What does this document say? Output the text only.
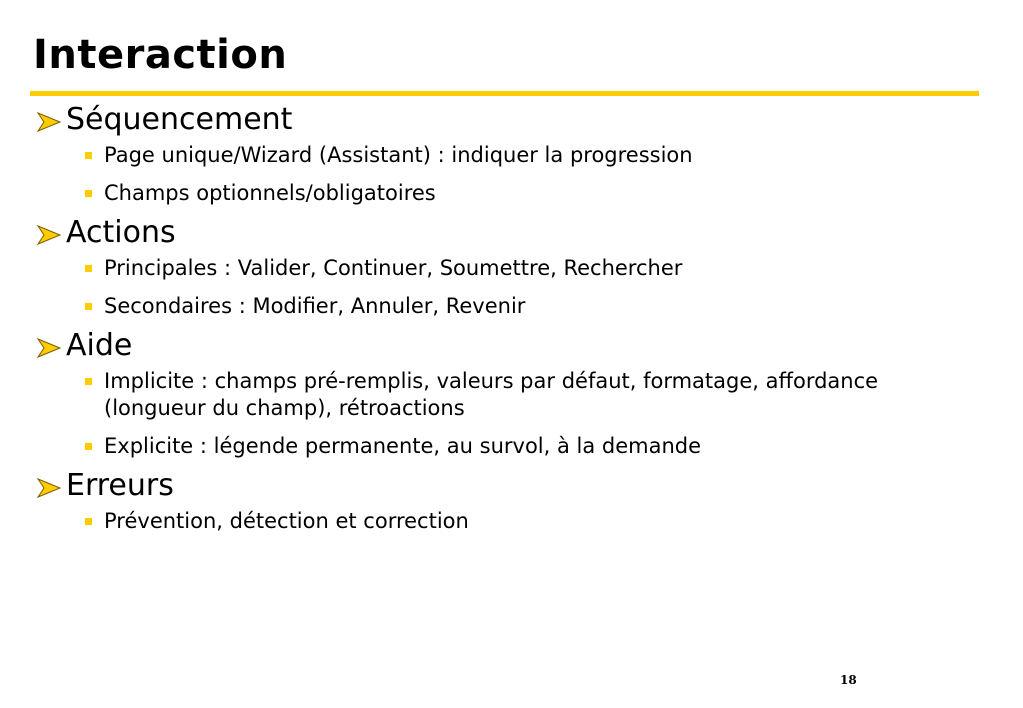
Interaction
Séquencement
Page unique/Wizard (Assistant) : indiquer la progression
Champs optionnels/obligatoires
Actions
Principales : Valider, Continuer, Soumettre, Rechercher
Secondaires : Modifier, Annuler, Revenir
Aide
Implicite : champs pré-remplis, valeurs par défaut, formatage, affordance (longueur du champ), rétroactions
Explicite : légende permanente, au survol, à la demande
Erreurs
Prévention, détection et correction
18
